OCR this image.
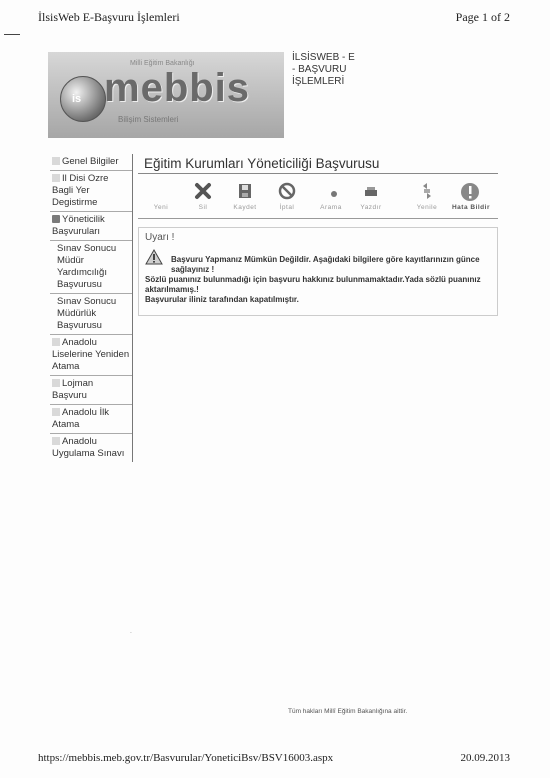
İlsisWeb E-Başvuru İşlemleri	Page 1 of 2
Milli Eğitim Bakanlığı
is mebbis
Bilişim Sistemleri
İLSİSWEB - E
- BAŞVURU
İŞLEMLERİ
Genel Bilgiler
Il Disi Ozre Bagli Yer Degistirme
Yöneticilik Başvuruları
Sınav Sonucu Müdür Yardımcılığı Başvurusu
Sınav Sonucu Müdürlük Başvurusu
Anadolu Liselerine Yeniden Atama
Lojman Başvuru
Anadolu İlk Atama
Anadolu Uygulama Sınavı
Eğitim Kurumları Yöneticiliği Başvurusu
Yeni	Sil	Kaydet	İptal	Arama	Yazdır	Yenile	Hata Bildir
Uyarı !
Başvuru Yapmanız Mümkün Değildir. Aşağıdaki bilgilere göre kayıtlarınızın günce sağlayınız !
Sözlü puanınız bulunmadığı için başvuru hakkınız bulunmamaktadır.Yada sözlü puanınız aktarılmamış.!
Başvurular iliniz tarafından kapatılmıştır.
·
Tüm hakları Millî Eğitim Bakanlığına aittir.
https://mebbis.meb.gov.tr/Basvurular/YoneticiBsv/BSV16003.aspx	20.09.2013
